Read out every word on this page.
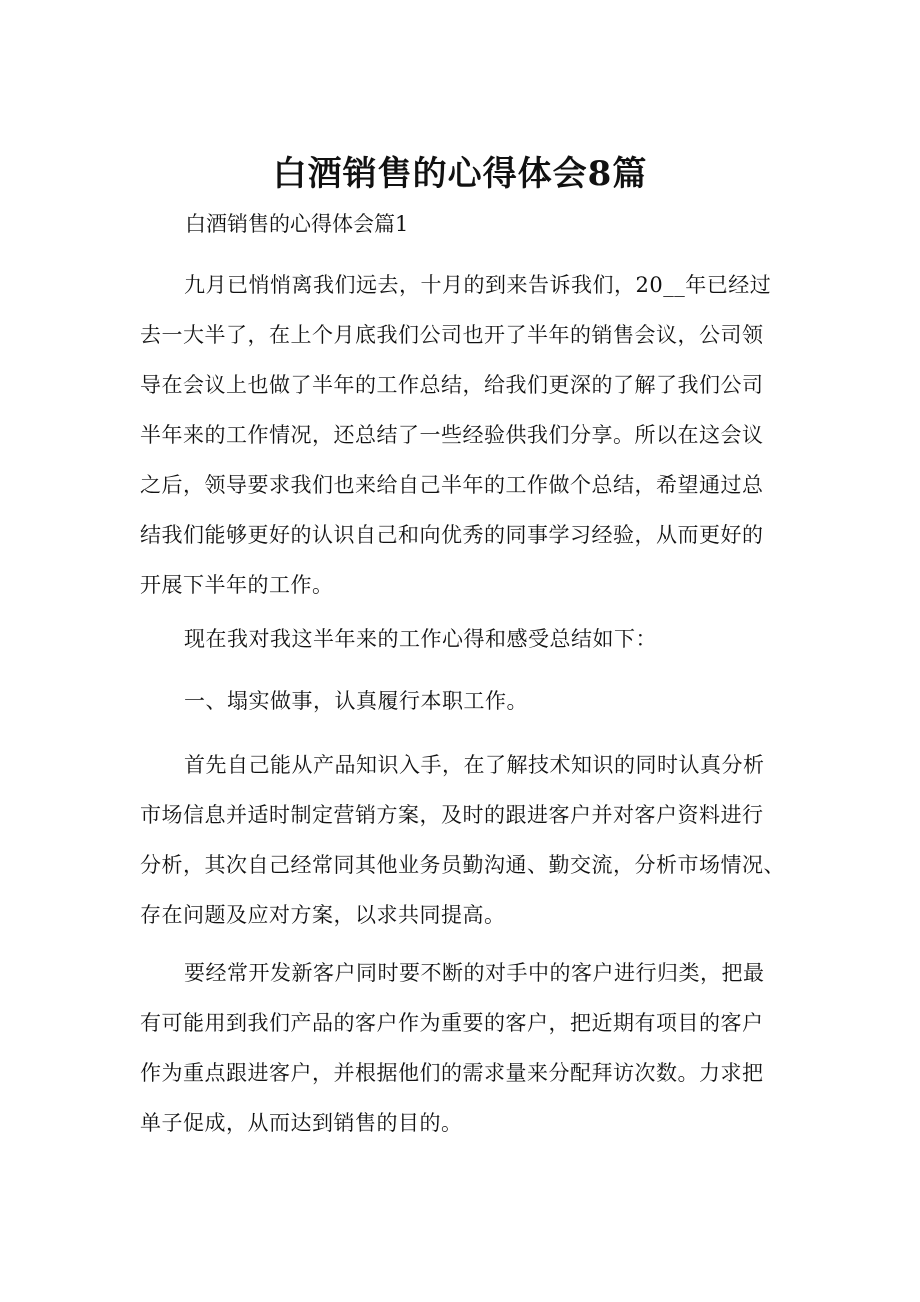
白酒销售的心得体会8篇

白酒销售的心得体会篇1

九月已悄悄离我们远去，十月的到来告诉我们，20__年已经过
去一大半了，在上个月底我们公司也开了半年的销售会议，公司领
导在会议上也做了半年的工作总结，给我们更深的了解了我们公司
半年来的工作情况，还总结了一些经验供我们分享。所以在这会议
之后，领导要求我们也来给自己半年的工作做个总结，希望通过总
结我们能够更好的认识自己和向优秀的同事学习经验，从而更好的
开展下半年的工作。
现在我对我这半年来的工作心得和感受总结如下：
一、塌实做事，认真履行本职工作。
首先自己能从产品知识入手，在了解技术知识的同时认真分析
市场信息并适时制定营销方案，及时的跟进客户并对客户资料进行
分析，其次自己经常同其他业务员勤沟通、勤交流，分析市场情况、
存在问题及应对方案，以求共同提高。
要经常开发新客户同时要不断的对手中的客户进行归类，把最
有可能用到我们产品的客户作为重要的客户，把近期有项目的客户
作为重点跟进客户，并根据他们的需求量来分配拜访次数。力求把
单子促成，从而达到销售的目的。
